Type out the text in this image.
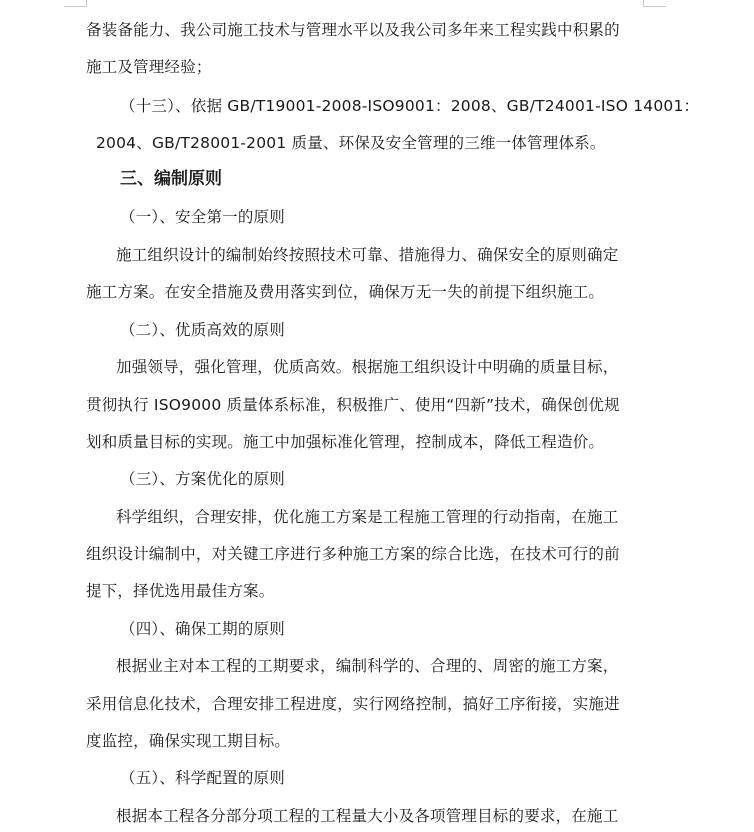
备装备能力、我公司施工技术与管理水平以及我公司多年来工程实践中积累的
施工及管理经验；
（十三）、依据 GB/T19001-2008-ISO9001：2008、GB/T24001-ISO 14001：
2004、GB/T28001-2001 质量、环保及安全管理的三维一体管理体系。
三、编制原则
（一）、安全第一的原则
施工组织设计的编制始终按照技术可靠、措施得力、确保安全的原则确定
施工方案。在安全措施及费用落实到位，确保万无一失的前提下组织施工。
（二）、优质高效的原则
加强领导，强化管理，优质高效。根据施工组织设计中明确的质量目标，
贯彻执行 ISO9000 质量体系标准，积极推广、使用“四新”技术，确保创优规
划和质量目标的实现。施工中加强标准化管理，控制成本，降低工程造价。
（三）、方案优化的原则
科学组织，合理安排，优化施工方案是工程施工管理的行动指南，在施工
组织设计编制中，对关键工序进行多种施工方案的综合比选，在技术可行的前
提下，择优选用最佳方案。
（四）、确保工期的原则
根据业主对本工程的工期要求，编制科学的、合理的、周密的施工方案，
采用信息化技术，合理安排工程进度，实行网络控制，搞好工序衔接，实施进
度监控，确保实现工期目标。
（五）、科学配置的原则
根据本工程各分部分项工程的工程量大小及各项管理目标的要求，在施工
